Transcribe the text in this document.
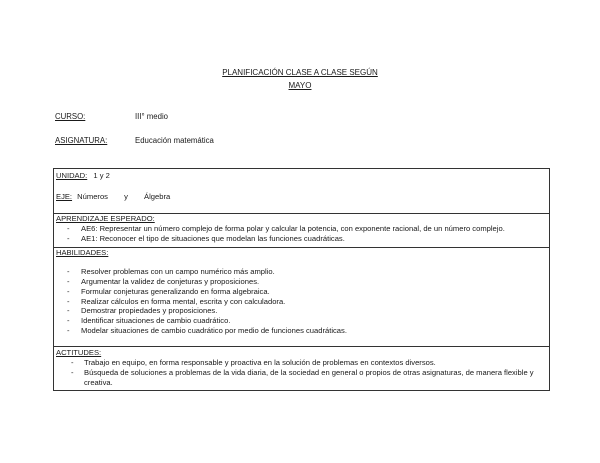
PLANIFICACIÓN CLASE A CLASE SEGÚN
MAYO
CURSO:	III° medio
ASIGNATURA:	Educación matemática
UNIDAD: 1 y 2
EJE: Números y Álgebra
APRENDIZAJE ESPERADO:
- AE6: Representar un número complejo de forma polar y calcular la potencia, con exponente racional, de un número complejo.
- AE1: Reconocer el tipo de situaciones que modelan las funciones cuadráticas.
HABILIDADES:
- Resolver problemas con un campo numérico más amplio.
- Argumentar la validez de conjeturas y proposiciones.
- Formular conjeturas generalizando en forma algebraica.
- Realizar cálculos en forma mental, escrita y con calculadora.
- Demostrar propiedades y proposiciones.
- Identificar situaciones de cambio cuadrático.
- Modelar situaciones de cambio cuadrático por medio de funciones cuadráticas.
ACTITUDES:
- Trabajo en equipo, en forma responsable y proactiva en la solución de problemas en contextos diversos.
- Búsqueda de soluciones a problemas de la vida diaria, de la sociedad en general o propios de otras asignaturas, de manera flexible y
creativa.
